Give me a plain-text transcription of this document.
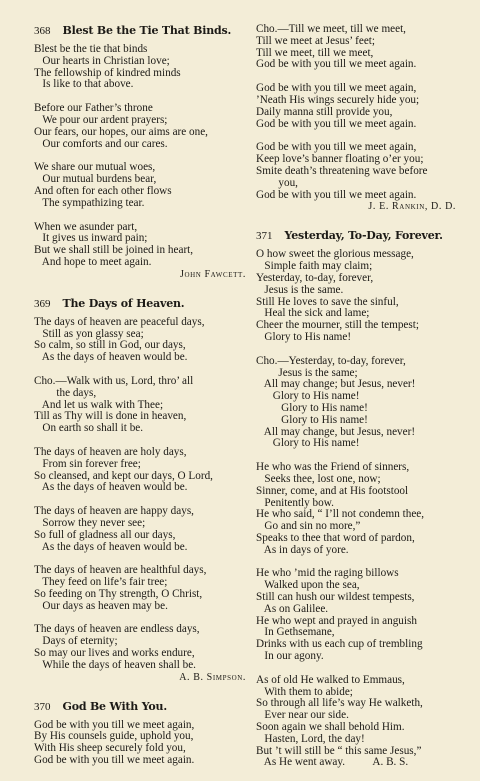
368 Blest Be the Tie That Binds.
Blest be the tie that binds
Our hearts in Christian love;
The fellowship of kindred minds
Is like to that above.
Before our Father’s throne
We pour our ardent prayers;
Our fears, our hopes, our aims are one,
Our comforts and our cares.
We share our mutual woes,
Our mutual burdens bear,
And often for each other flows
The sympathizing tear.
When we asunder part,
It gives us inward pain;
But we shall still be joined in heart,
And hope to meet again.
John Fawcett.
369 The Days of Heaven.
The days of heaven are peaceful days,
Still as yon glassy sea;
So calm, so still in God, our days,
As the days of heaven would be.
Cho.—Walk with us, Lord, thro’ all
the days,
And let us walk with Thee;
Till as Thy will is done in heaven,
On earth so shall it be.
The days of heaven are holy days,
From sin forever free;
So cleansed, and kept our days, O Lord,
As the days of heaven would be.
The days of heaven are happy days,
Sorrow they never see;
So full of gladness all our days,
As the days of heaven would be.
The days of heaven are healthful days,
They feed on life’s fair tree;
So feeding on Thy strength, O Christ,
Our days as heaven may be.
The days of heaven are endless days,
Days of eternity;
So may our lives and works endure,
While the days of heaven shall be.
A. B. Simpson.
370 God Be With You.
God be with you till we meet again,
By His counsels guide, uphold you,
With His sheep securely fold you,
God be with you till we meet again.
Cho.—Till we meet, till we meet,
Till we meet at Jesus’ feet;
Till we meet, till we meet,
God be with you till we meet again.
God be with you till we meet again,
’Neath His wings securely hide you;
Daily manna still provide you,
God be with you till we meet again.
God be with you till we meet again,
Keep love’s banner floating o’er you;
Smite death’s threatening wave before
you,
God be with you till we meet again.
J. E. Rankin, D. D.
371 Yesterday, To-Day, Forever.
O how sweet the glorious message,
Simple faith may claim;
Yesterday, to-day, forever,
Jesus is the same.
Still He loves to save the sinful,
Heal the sick and lame;
Cheer the mourner, still the tempest;
Glory to His name!
Cho.—Yesterday, to-day, forever,
Jesus is the same;
All may change; but Jesus, never!
Glory to His name!
Glory to His name!
Glory to His name!
All may change, but Jesus, never!
Glory to His name!
He who was the Friend of sinners,
Seeks thee, lost one, now;
Sinner, come, and at His footstool
Penitently bow.
He who said, “ I’ll not condemn thee,
Go and sin no more,”
Speaks to thee that word of pardon,
As in days of yore.
He who ’mid the raging billows
Walked upon the sea,
Still can hush our wildest tempests,
As on Galilee.
He who wept and prayed in anguish
In Gethsemane,
Drinks with us each cup of trembling
In our agony.
As of old He walked to Emmaus,
With them to abide;
So through all life’s way He walketh,
Ever near our side.
Soon again we shall behold Him.
Hasten, Lord, the day!
But ’t will still be “ this same Jesus,”
As He went away.          A. B. S.
